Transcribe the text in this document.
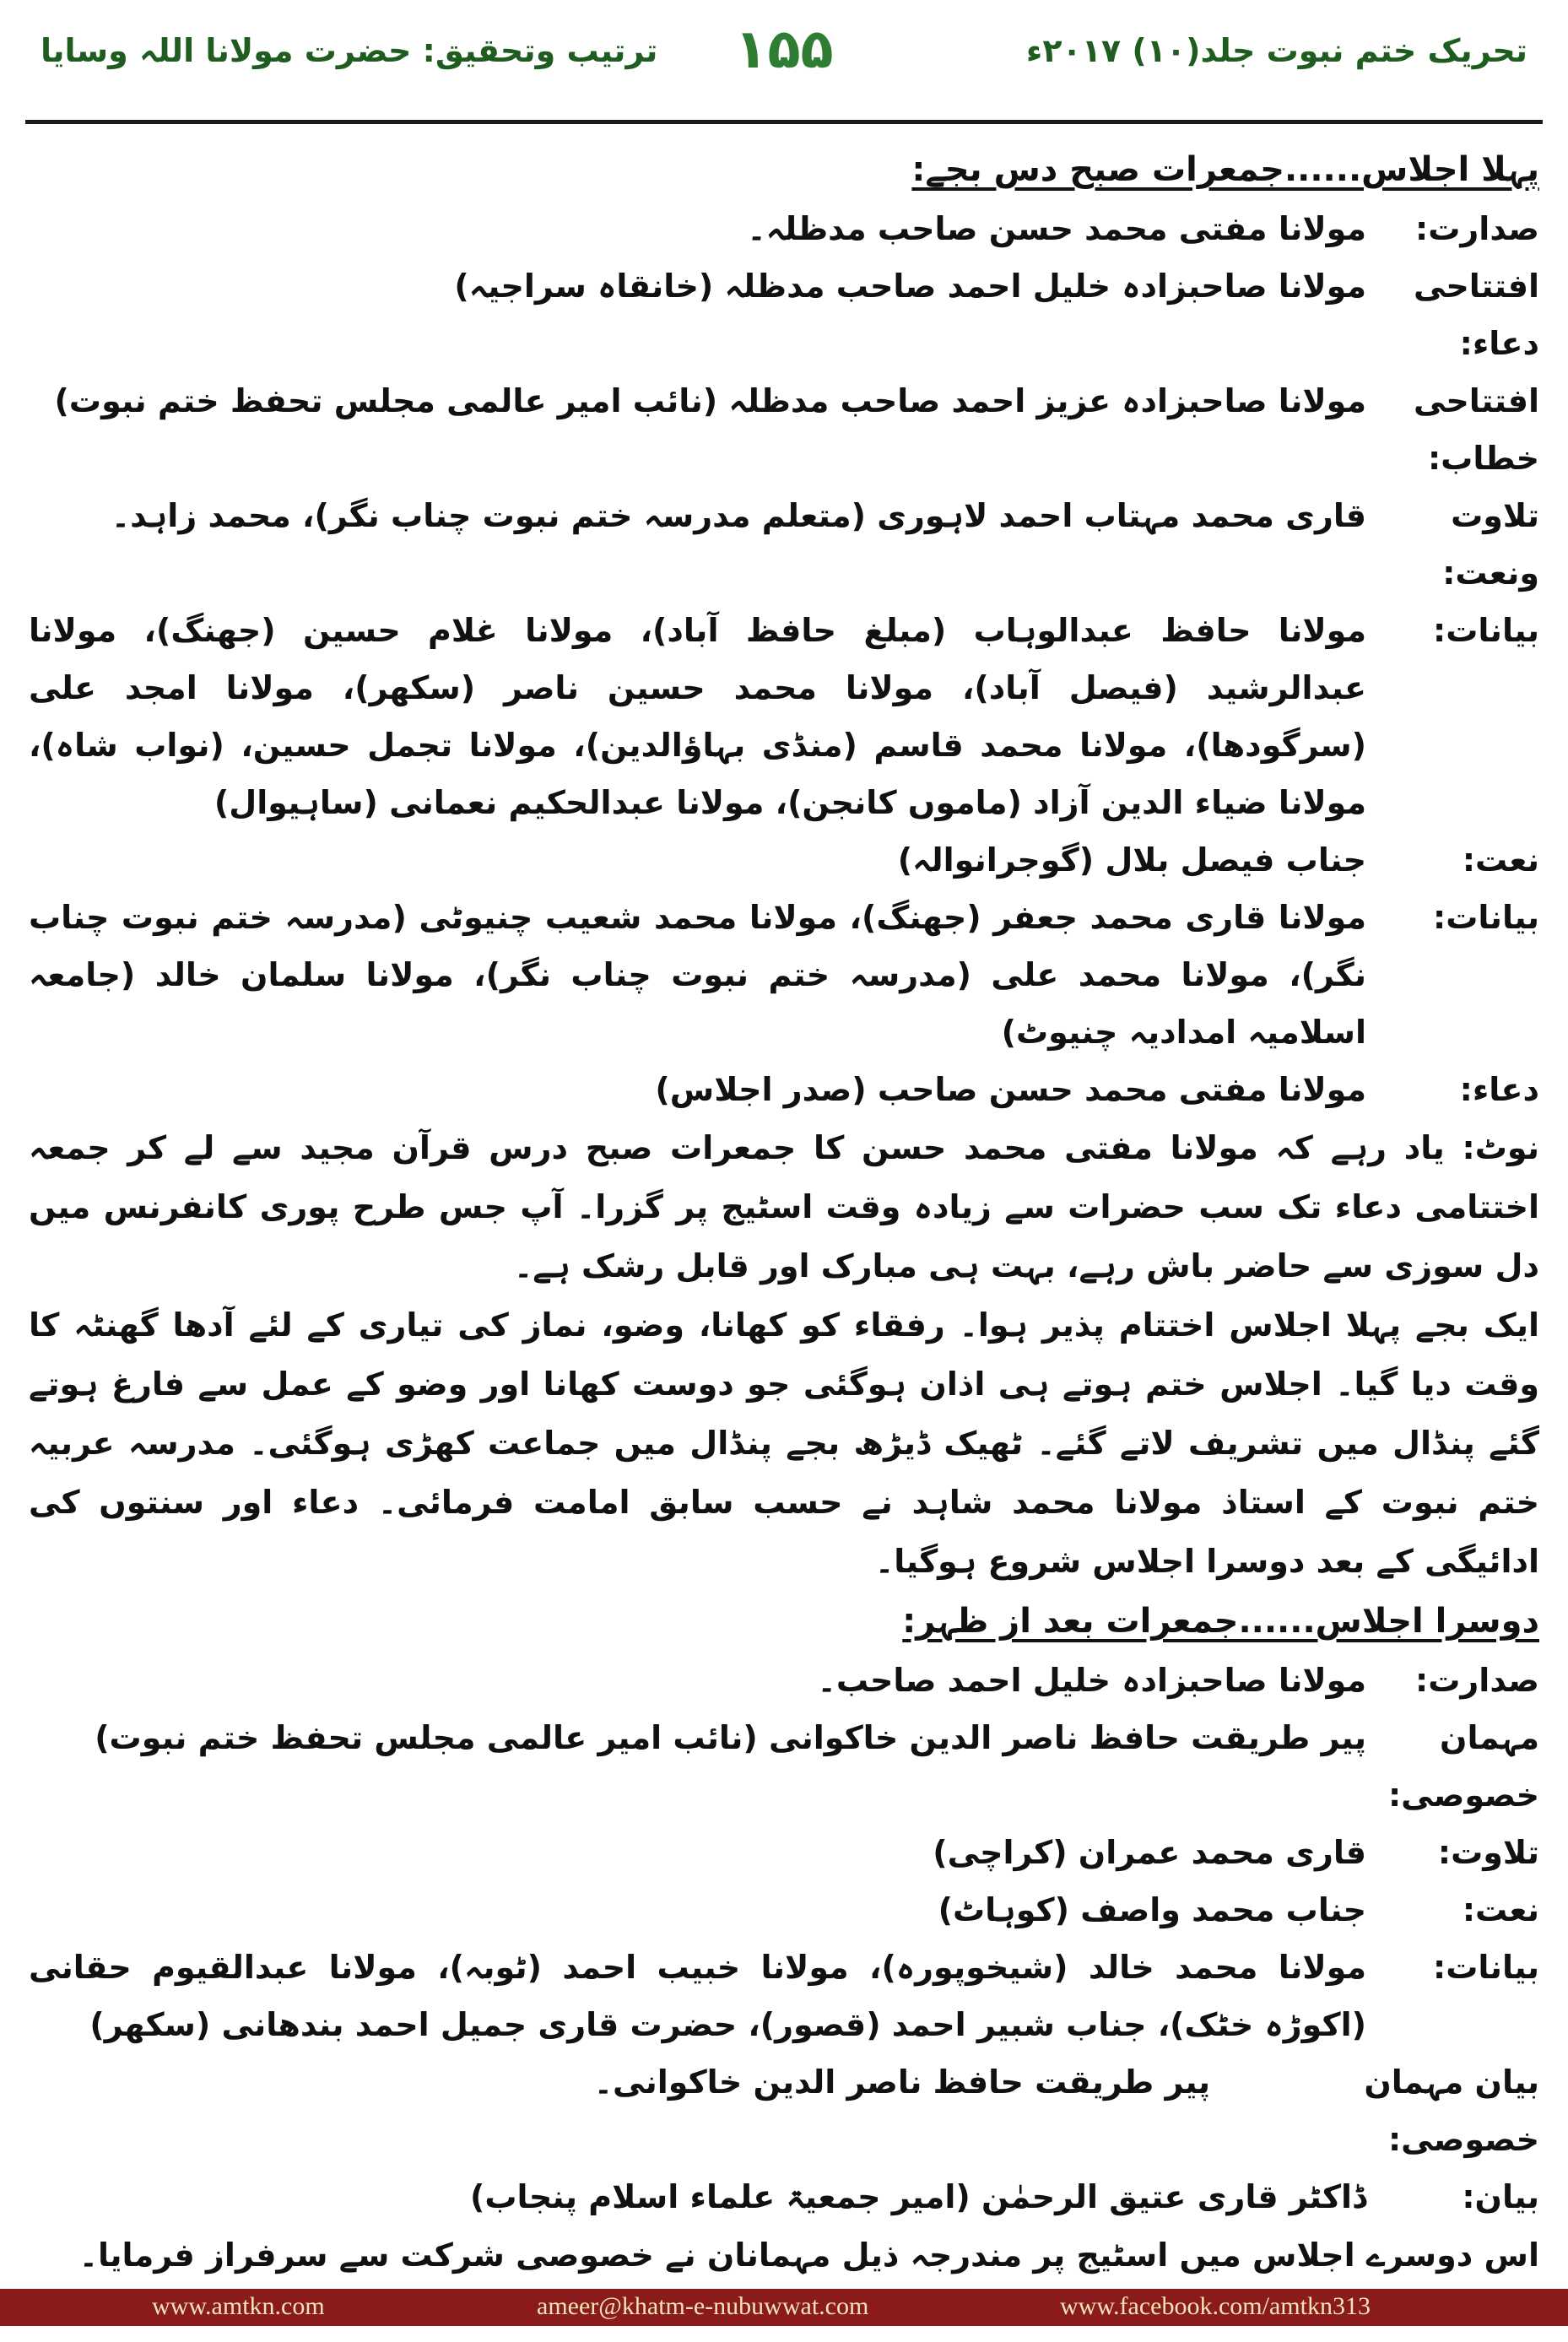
تحریک ختم نبوت جلد(۱۰) ۲۰۱۷ء
۱۵۵
ترتیب وتحقیق: حضرت مولانا اللہ وسایا
پہلا اجلاس......جمعرات صبح دس بجے:
صدارت:
مولانا مفتی محمد حسن صاحب مدظلہ۔
افتتاحی دعاء:
مولانا صاحبزادہ خلیل احمد صاحب مدظلہ (خانقاہ سراجیہ)
افتتاحی خطاب:
مولانا صاحبزادہ عزیز احمد صاحب مدظلہ (نائب امیر عالمی مجلس تحفظ ختم نبوت)
تلاوت ونعت:
قاری محمد مہتاب احمد لاہوری (متعلم مدرسہ ختم نبوت چناب نگر)، محمد زاہد۔
بیانات:
مولانا حافظ عبدالوہاب (مبلغ حافظ آباد)، مولانا غلام حسین (جھنگ)، مولانا عبدالرشید (فیصل آباد)، مولانا محمد حسین ناصر (سکھر)، مولانا امجد علی (سرگودھا)، مولانا محمد قاسم (منڈی بہاؤالدین)، مولانا تجمل حسین، (نواب شاہ)، مولانا ضیاء الدین آزاد (ماموں کانجن)، مولانا عبدالحکیم نعمانی (ساہیوال)
نعت:
جناب فیصل بلال (گوجرانوالہ)
بیانات:
مولانا قاری محمد جعفر (جھنگ)، مولانا محمد شعیب چنیوٹی (مدرسہ ختم نبوت چناب نگر)، مولانا محمد علی (مدرسہ ختم نبوت چناب نگر)، مولانا سلمان خالد (جامعہ اسلامیہ امدادیہ چنیوٹ)
دعاء:
مولانا مفتی محمد حسن صاحب (صدر اجلاس)
نوٹ: یاد رہے کہ مولانا مفتی محمد حسن کا جمعرات صبح درس قرآن مجید سے لے کر جمعہ اختتامی دعاء تک سب حضرات سے زیادہ وقت اسٹیج پر گزرا۔ آپ جس طرح پوری کانفرنس میں دل سوزی سے حاضر باش رہے، بہت ہی مبارک اور قابل رشک ہے۔
ایک بجے پہلا اجلاس اختتام پذیر ہوا۔ رفقاء کو کھانا، وضو، نماز کی تیاری کے لئے آدھا گھنٹہ کا وقت دیا گیا۔ اجلاس ختم ہوتے ہی اذان ہوگئی جو دوست کھانا اور وضو کے عمل سے فارغ ہوتے گئے پنڈال میں تشریف لاتے گئے۔ ٹھیک ڈیڑھ بجے پنڈال میں جماعت کھڑی ہوگئی۔ مدرسہ عربیہ ختم نبوت کے استاذ مولانا محمد شاہد نے حسب سابق امامت فرمائی۔ دعاء اور سنتوں کی ادائیگی کے بعد دوسرا اجلاس شروع ہوگیا۔
دوسرا اجلاس......جمعرات بعد از ظہر:
صدارت:
مولانا صاحبزادہ خلیل احمد صاحب۔
مہمان خصوصی:
پیر طریقت حافظ ناصر الدین خاکوانی (نائب امیر عالمی مجلس تحفظ ختم نبوت)
تلاوت:
قاری محمد عمران (کراچی)
نعت:
جناب محمد واصف (کوہاٹ)
بیانات:
مولانا محمد خالد (شیخوپورہ)، مولانا خبیب احمد (ٹوبہ)، مولانا عبدالقیوم حقانی (اکوڑہ خٹک)، جناب شبیر احمد (قصور)، حضرت قاری جمیل احمد بندھانی (سکھر)
بیان مہمان خصوصی:
پیر طریقت حافظ ناصر الدین خاکوانی۔
بیان:
ڈاکٹر قاری عتیق الرحمٰن (امیر جمعیۃ علماء اسلام پنجاب)
اس دوسرے اجلاس میں اسٹیج پر مندرجہ ذیل مہمانان نے خصوصی شرکت سے سرفراز فرمایا۔
www.amtkn.com	ameer@khatm-e-nubuwwat.com	www.facebook.com/amtkn313
